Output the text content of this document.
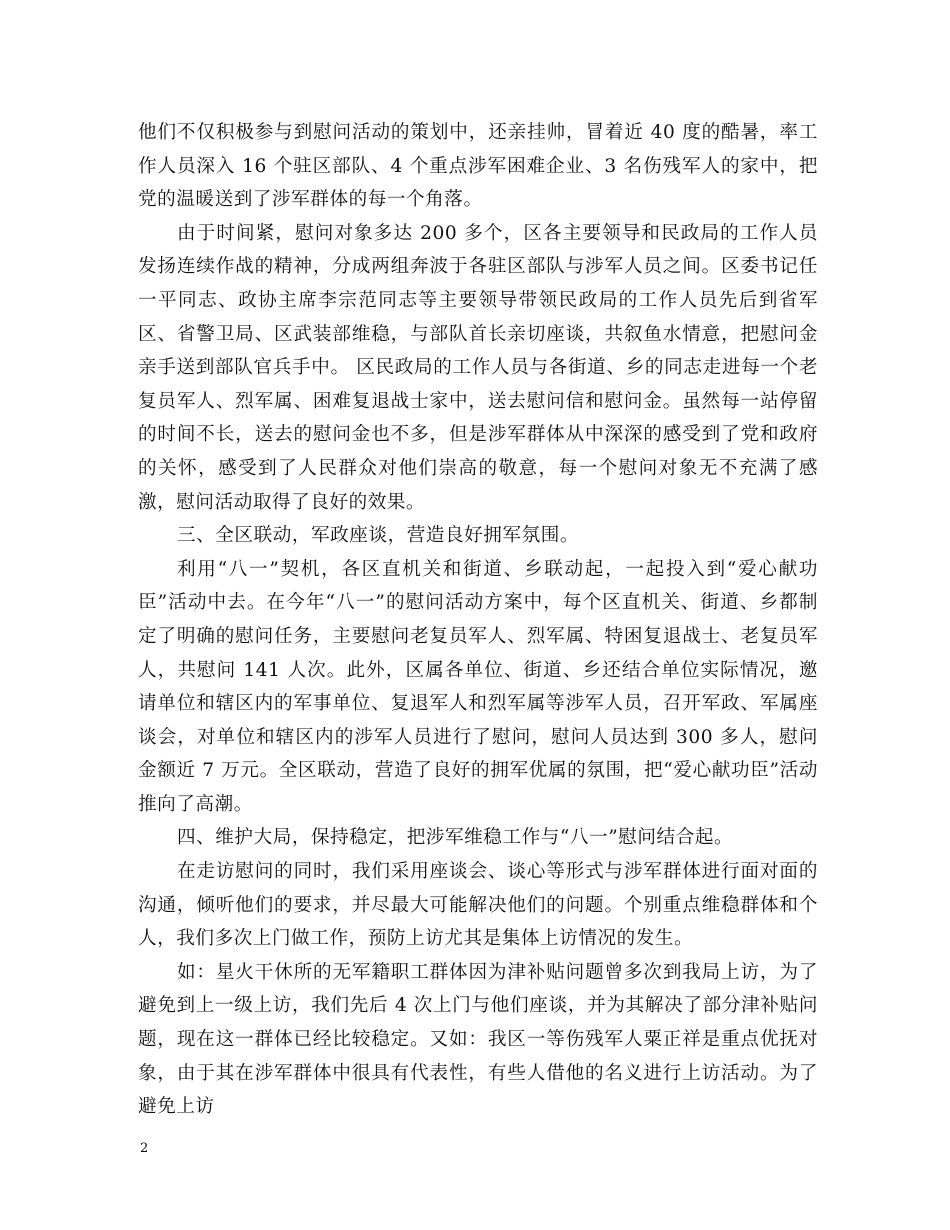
他们不仅积极参与到慰问活动的策划中，还亲挂帅，冒着近 40 度的酷暑，率工作人员深入 16 个驻区部队、4 个重点涉军困难企业、3 名伤残军人的家中，把党的温暖送到了涉军群体的每一个角落。

由于时间紧，慰问对象多达 200 多个，区各主要领导和民政局的工作人员发扬连续作战的精神，分成两组奔波于各驻区部队与涉军人员之间。区委书记任一平同志、政协主席李宗范同志等主要领导带领民政局的工作人员先后到省军区、省警卫局、区武装部维稳，与部队首长亲切座谈，共叙鱼水情意，把慰问金亲手送到部队官兵手中。 区民政局的工作人员与各街道、乡的同志走进每一个老复员军人、烈军属、困难复退战士家中，送去慰问信和慰问金。虽然每一站停留的时间不长，送去的慰问金也不多，但是涉军群体从中深深的感受到了党和政府的关怀，感受到了人民群众对他们崇高的敬意，每一个慰问对象无不充满了感激，慰问活动取得了良好的效果。

三、全区联动，军政座谈，营造良好拥军氛围。

利用“八一”契机，各区直机关和街道、乡联动起，一起投入到“爱心献功臣”活动中去。在今年“八一”的慰问活动方案中，每个区直机关、街道、乡都制定了明确的慰问任务，主要慰问老复员军人、烈军属、特困复退战士、老复员军人，共慰问 141 人次。此外，区属各单位、街道、乡还结合单位实际情况，邀请单位和辖区内的军事单位、复退军人和烈军属等涉军人员，召开军政、军属座谈会，对单位和辖区内的涉军人员进行了慰问，慰问人员达到 300 多人，慰问金额近 7 万元。全区联动，营造了良好的拥军优属的氛围，把“爱心献功臣”活动推向了高潮。

四、维护大局，保持稳定，把涉军维稳工作与“八一”慰问结合起。

在走访慰问的同时，我们采用座谈会、谈心等形式与涉军群体进行面对面的沟通，倾听他们的要求，并尽最大可能解决他们的问题。个别重点维稳群体和个人，我们多次上门做工作，预防上访尤其是集体上访情况的发生。

如：星火干休所的无军籍职工群体因为津补贴问题曾多次到我局上访，为了避免到上一级上访，我们先后 4 次上门与他们座谈，并为其解决了部分津补贴问题，现在这一群体已经比较稳定。又如：我区一等伤残军人粟正祥是重点优抚对象，由于其在涉军群体中很具有代表性，有些人借他的名义进行上访活动。为了避免上访

2
